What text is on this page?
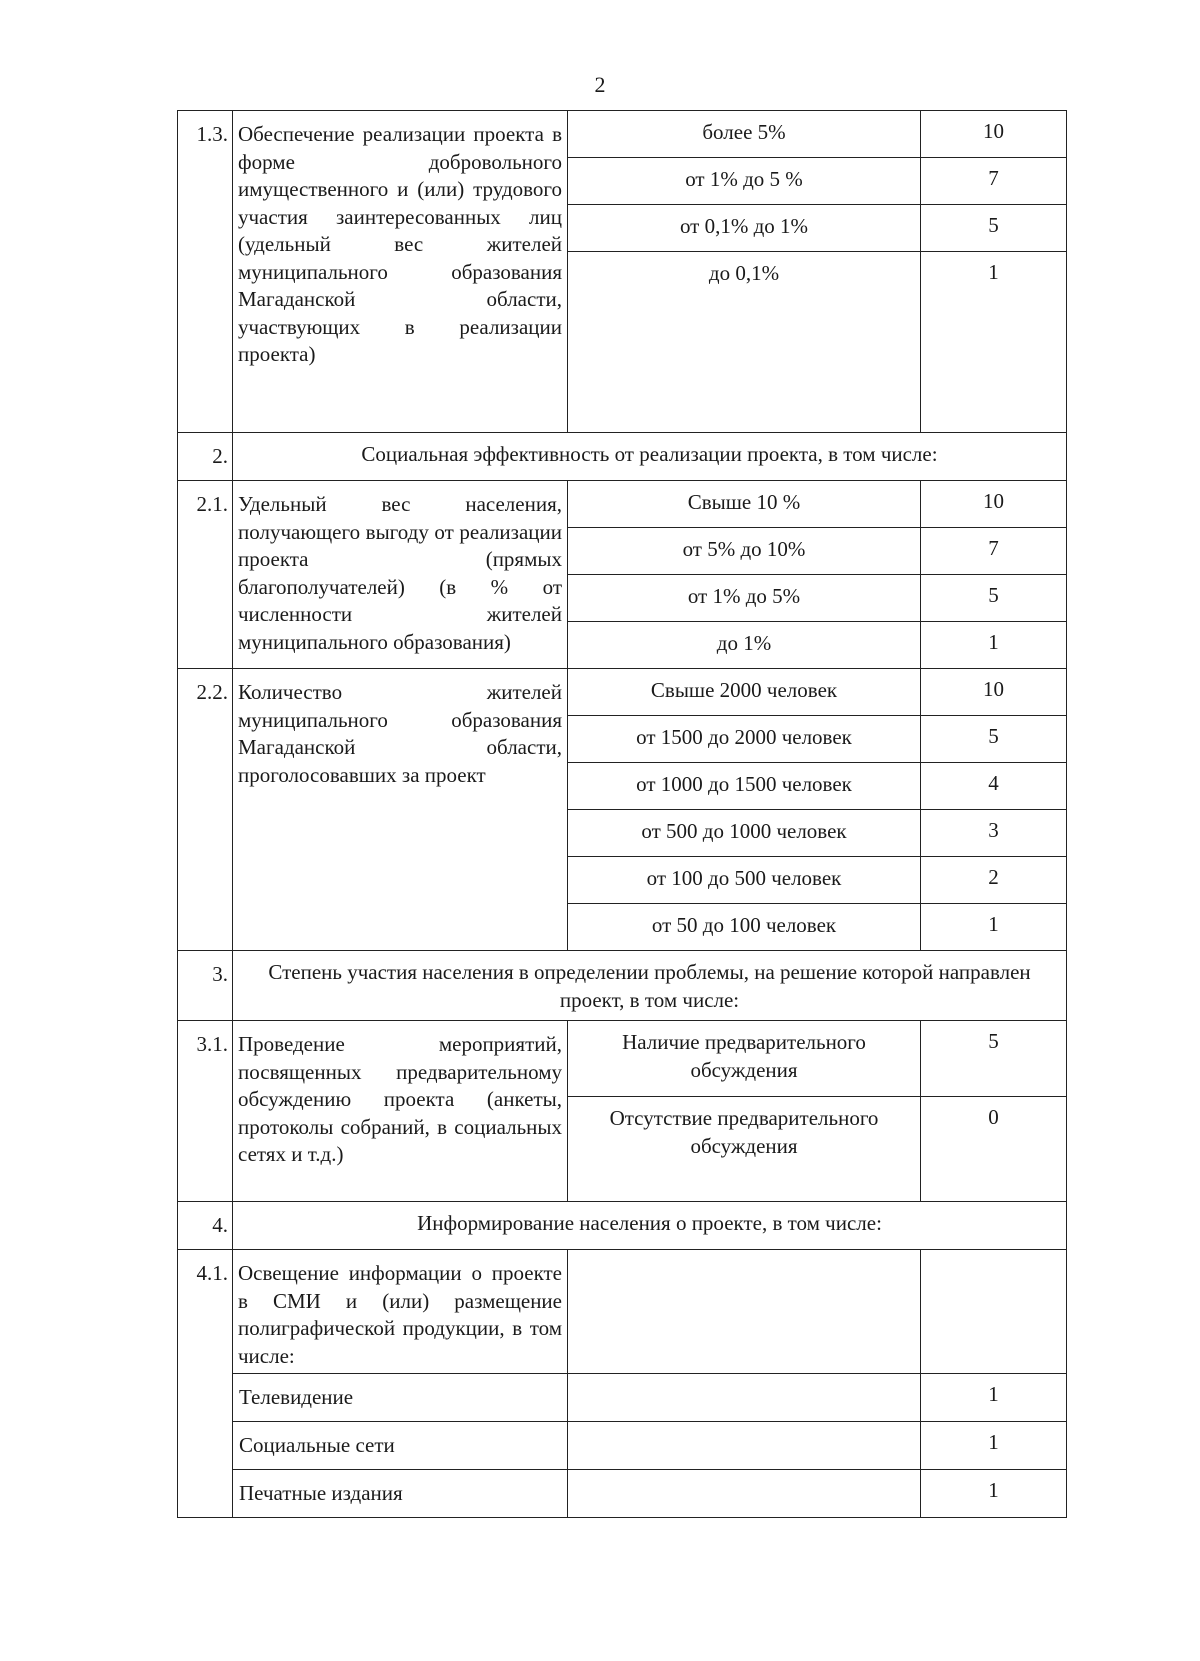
2
1.3.	Обеспечение реализации проекта в форме добровольного имущественного и (или) трудового участия заинтересованных лиц (удельный вес жителей муниципального образования Магаданской области, участвующих в реализации проекта)	более 5%	10
		от 1% до 5 %	7
		от 0,1% до 1%	5
		до 0,1%	1
2.	Социальная эффективность от реализации проекта, в том числе:		
2.1.	Удельный вес населения, получающего выгоду от реализации проекта (прямых благополучателей) (в % от численности жителей муниципального образования)	Свыше 10 %	10
		от 5% до 10%	7
		от 1% до 5%	5
		до 1%	1
2.2.	Количество жителей муниципального образования Магаданской области, проголосовавших за проект	Свыше 2000 человек	10
		от 1500 до 2000 человек	5
		от 1000 до 1500 человек	4
		от 500 до 1000 человек	3
		от 100 до 500 человек	2
		от 50 до 100 человек	1
3.	Степень участия населения в определении проблемы, на решение которой направлен проект, в том числе:		
3.1.	Проведение мероприятий, посвященных предварительному обсуждению проекта (анкеты, протоколы собраний, в социальных сетях и т.д.)	Наличие предварительного обсуждения	5
		Отсутствие предварительного обсуждения	0
4.	Информирование населения о проекте, в том числе:		
4.1.	Освещение информации о проекте в СМИ и (или) размещение полиграфической продукции, в том числе:		
	Телевидение		1
	Социальные сети		1
	Печатные издания		1
